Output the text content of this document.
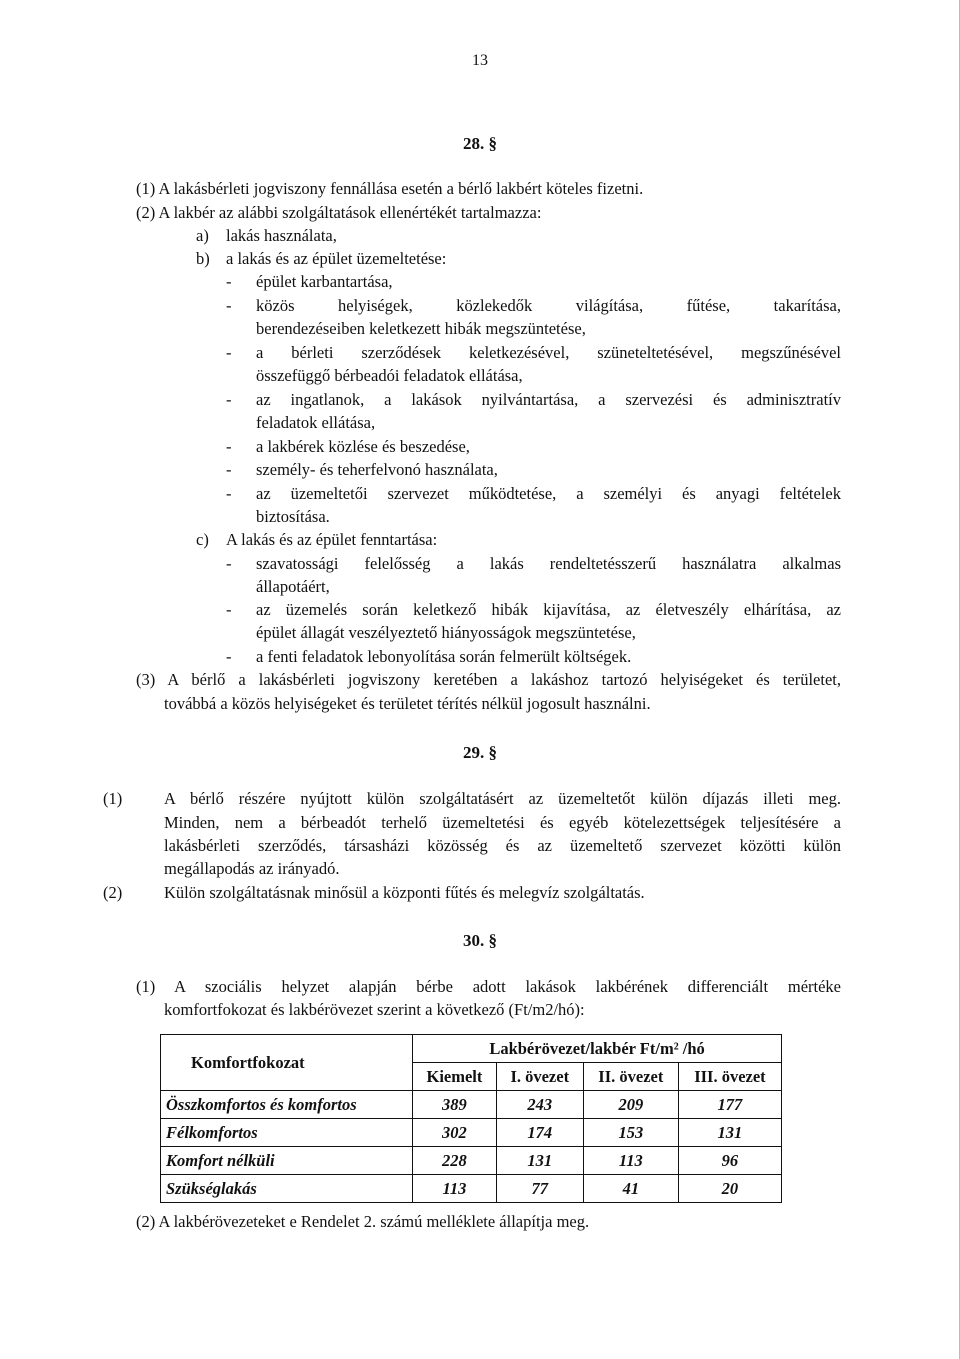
13

28. §

(1) A lakásbérleti jogviszony fennállása esetén a bérlő lakbért köteles fizetni.

(2) A lakbér az alábbi szolgáltatások ellenértékét tartalmazza:

a) lakás használata,
b) a lakás és az épület üzemeltetése:
- épület karbantartása,
- közös helyiségek, közlekedők világítása, fűtése, takarítása,
berendezéseiben keletkezett hibák megszüntetése,
- a bérleti szerződések keletkezésével, szüneteltetésével, megszűnésével
összefüggő bérbeadói feladatok ellátása,
- az ingatlanok, a lakások nyilvántartása, a szervezési és adminisztratív
feladatok ellátása,
- a lakbérek közlése és beszedése,
- személy- és teherfelvonó használata,
- az üzemeltetői szervezet működtetése, a személyi és anyagi feltételek
biztosítása.
c) A lakás és az épület fenntartása:
- szavatossági felelősség a lakás rendeltetésszerű használatra alkalmas
állapotáért,
- az üzemelés során keletkező hibák kijavítása, az életveszély elhárítása, az
épület állagát veszélyeztető hiányosságok megszüntetése,
- a fenti feladatok lebonyolítása során felmerült költségek.
(3) A bérlő a lakásbérleti jogviszony keretében a lakáshoz tartozó helyiségeket és területet,
továbbá a közös helyiségeket és területet térítés nélkül jogosult használni.

29. §

(1)	A bérlő részére nyújtott külön szolgáltatásért az üzemeltetőt külön díjazás illeti meg.
Minden, nem a bérbeadót terhelő üzemeltetési és egyéb kötelezettségek teljesítésére a
lakásbérleti szerződés, társasházi közösség és az üzemeltető szervezet közötti külön
megállapodás az irányadó.
(2)	Külön szolgáltatásnak minősül a központi fűtés és melegvíz szolgáltatás.

30. §

(1) A szociális helyzet alapján bérbe adott lakások lakbérének differenciált mértéke
komfortfokozat és lakbérövezet szerint a következő (Ft/m2/hó):
Komfortfokozat	Lakbérövezet/lakbér Ft/m² /hó			
	Kiemelt	I. övezet	II. övezet	III. övezet
Összkomfortos és komfortos	389	243	209	177
Félkomfortos	302	174	153	131
Komfort nélküli	228	131	113	96
Szükséglakás	113	77	41	20
(2) A lakbérövezeteket e Rendelet 2. számú melléklete állapítja meg.
